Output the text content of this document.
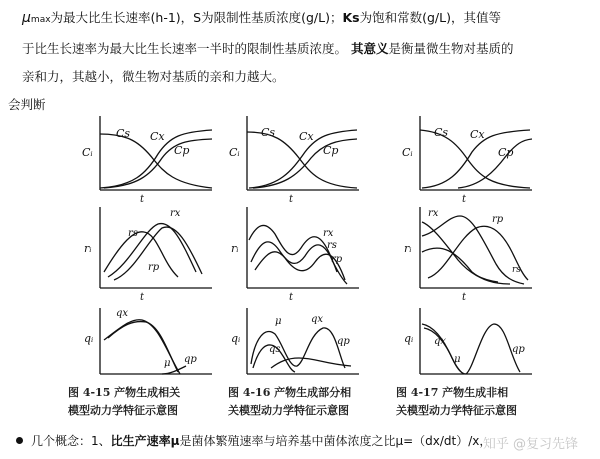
μmax为最大比生长速率(h-1)，S为限制性基质浓度(g/L)；Ks为饱和常数(g/L)，其值等
于比生长速率为最大比生长速率一半时的限制性基质浓度。 其意义是衡量微生物对基质的
亲和力，其越小，微生物对基质的亲和力越大。
会判断
Cᵢ
Cs Cx
Cp
t
rᵢ
rs
rx
rp
t
qᵢ
qx
μ qp
图 4-15 产物生成相关
模型动力学特征示意图
Cᵢ
Cs Cx
Cp
t
rᵢ
rx
rs
rp
t
qᵢ
μ	qx
qs
qp
图 4-16 产物生成部分相
关模型动力学特征示意图
Cᵢ
Cs Cx
Cp
t
rᵢ
rx
rp
rs
t
qᵢ qx
μ
qp
图 4-17 产物生成非相
关模型动力学特征示意图
几个概念：1、比生产速率μ是菌体繁殖速率与培养基中菌体浓度之比μ=（dx/dt）/x，
知乎 @复习先锋
